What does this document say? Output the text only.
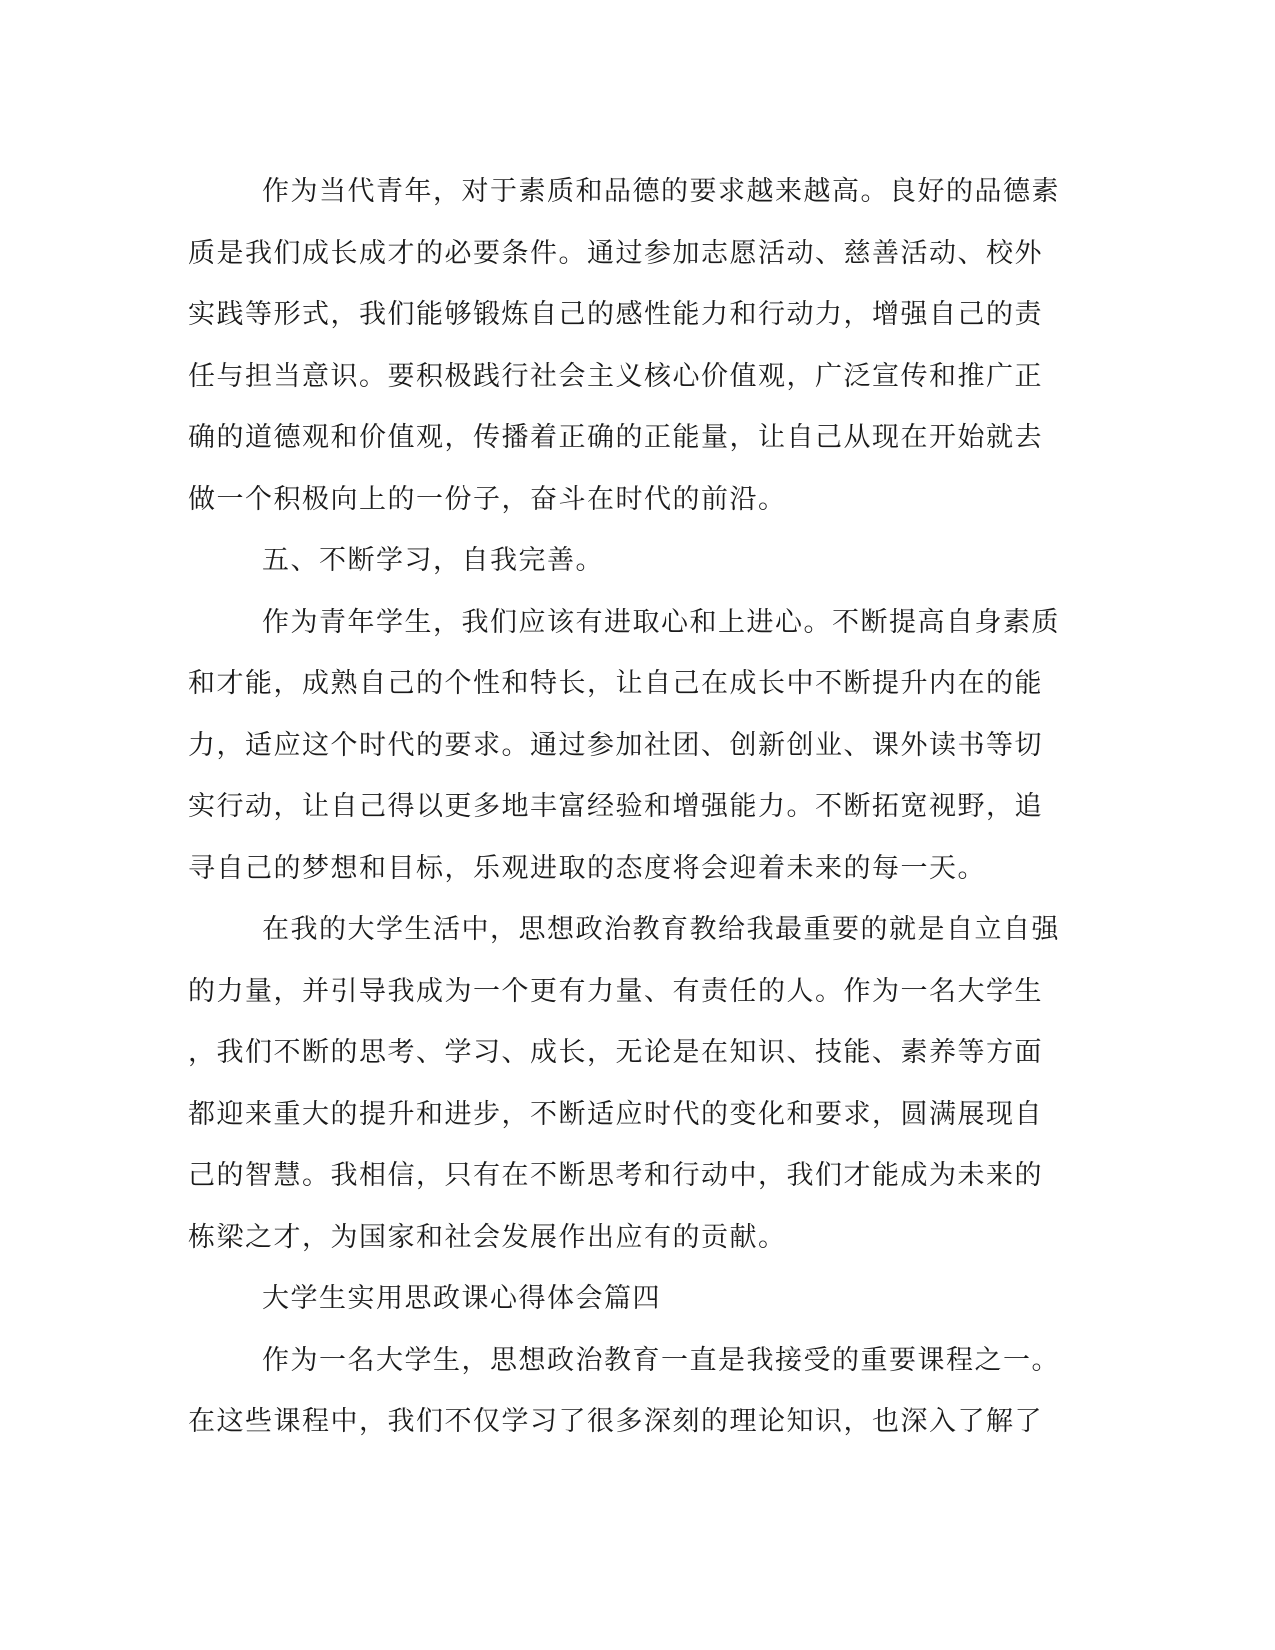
作为当代青年，对于素质和品德的要求越来越高。良好的品德素
质是我们成长成才的必要条件。通过参加志愿活动、慈善活动、校外
实践等形式，我们能够锻炼自己的感性能力和行动力，增强自己的责
任与担当意识。要积极践行社会主义核心价值观，广泛宣传和推广正
确的道德观和价值观，传播着正确的正能量，让自己从现在开始就去
做一个积极向上的一份子，奋斗在时代的前沿。

五、不断学习，自我完善。

作为青年学生，我们应该有进取心和上进心。不断提高自身素质
和才能，成熟自己的个性和特长，让自己在成长中不断提升内在的能
力，适应这个时代的要求。通过参加社团、创新创业、课外读书等切
实行动，让自己得以更多地丰富经验和增强能力。不断拓宽视野，追
寻自己的梦想和目标，乐观进取的态度将会迎着未来的每一天。

在我的大学生活中，思想政治教育教给我最重要的就是自立自强
的力量，并引导我成为一个更有力量、有责任的人。作为一名大学生
，我们不断的思考、学习、成长，无论是在知识、技能、素养等方面
都迎来重大的提升和进步，不断适应时代的变化和要求，圆满展现自
己的智慧。我相信，只有在不断思考和行动中，我们才能成为未来的
栋梁之才，为国家和社会发展作出应有的贡献。

大学生实用思政课心得体会篇四

作为一名大学生，思想政治教育一直是我接受的重要课程之一。
在这些课程中，我们不仅学习了很多深刻的理论知识，也深入了解了
